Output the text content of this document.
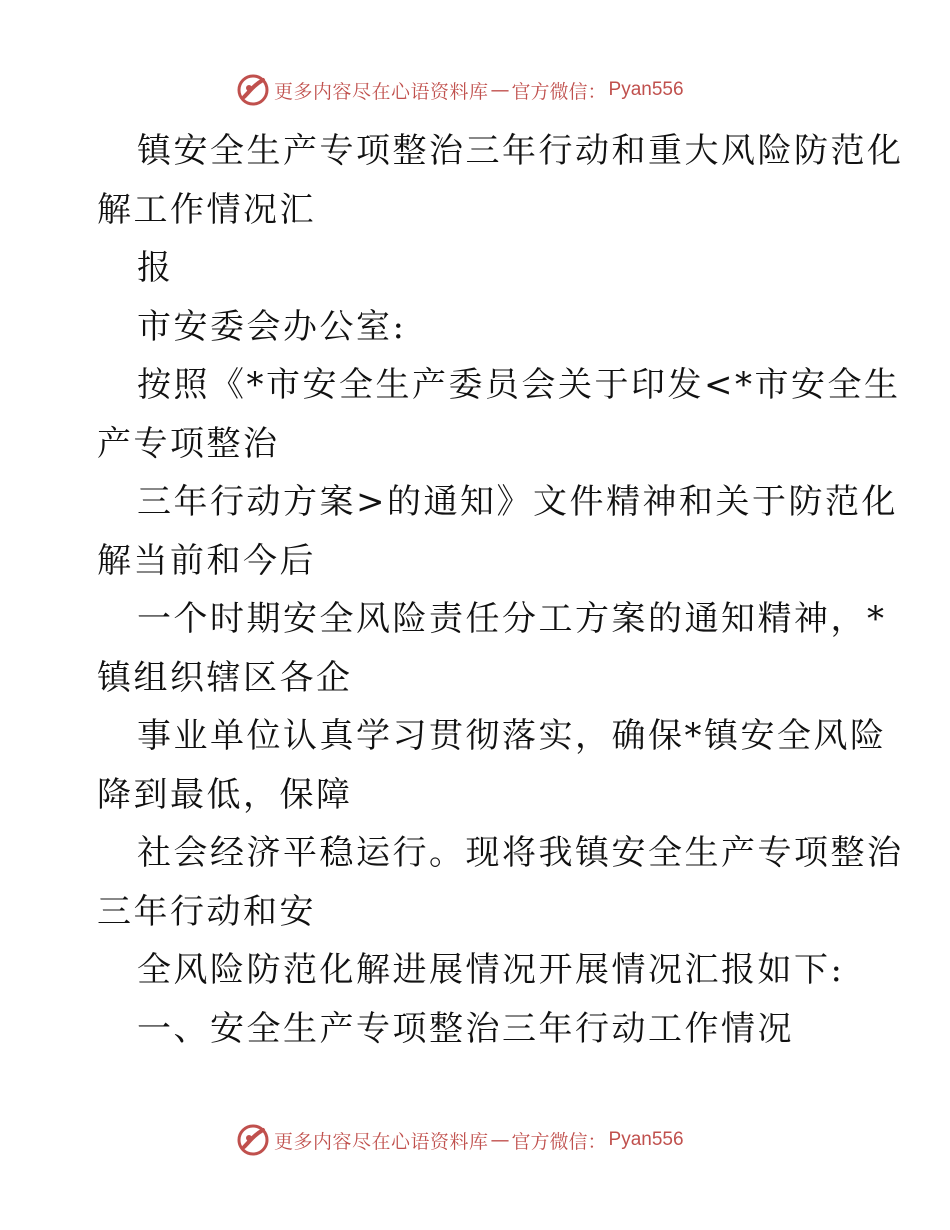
更多内容尽在心语资料库 — 官方微信： Pyan556
镇安全生产专项整治三年行动和重大风险防范化
解工作情况汇
报
市安委会办公室:
按照《*市安全生产委员会关于印发<*市安全生
产专项整治
三年行动方案>的通知》文件精神和关于防范化
解当前和今后
一个时期安全风险责任分工方案的通知精神，*
镇组织辖区各企
事业单位认真学习贯彻落实，确保*镇安全风险
降到最低，保障
社会经济平稳运行。现将我镇安全生产专项整治
三年行动和安
全风险防范化解进展情况开展情况汇报如下:
一、安全生产专项整治三年行动工作情况
更多内容尽在心语资料库 — 官方微信： Pyan556
